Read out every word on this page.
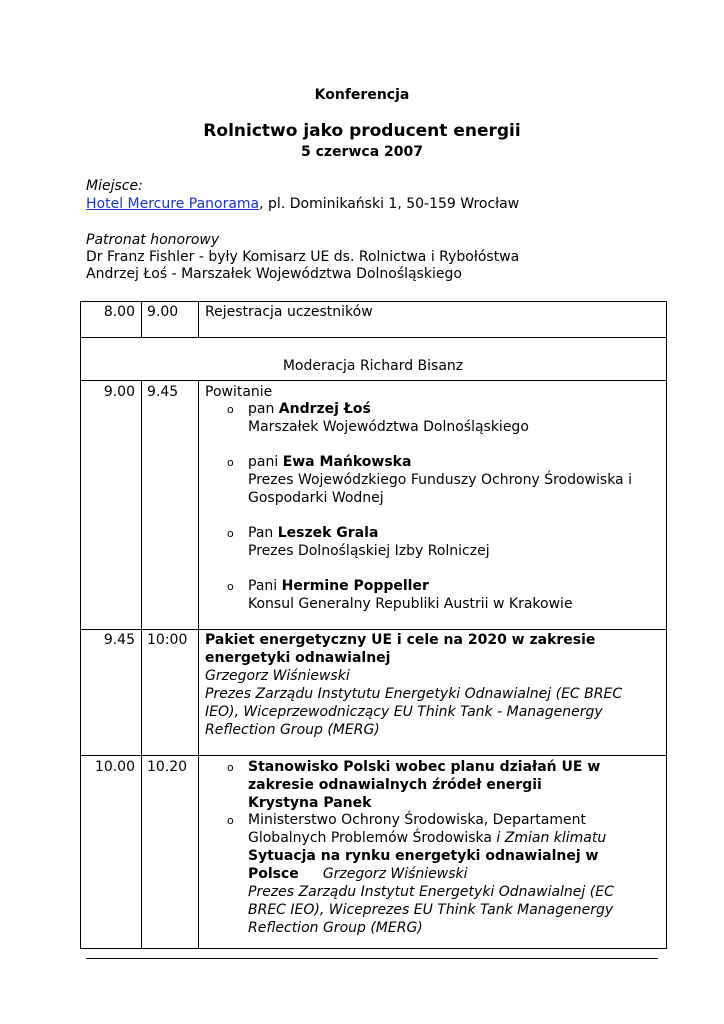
Konferencja
Rolnictwo jako producent energii
5 czerwca 2007
Miejsce:
Hotel Mercure Panorama, pl. Dominikański 1, 50-159 Wrocław
Patronat honorowy
Dr Franz Fishler - były Komisarz UE ds. Rolnictwa i Rybołóstwa
Andrzej Łoś - Marszałek Województwa Dolnośląskiego
8.00 9.00 Rejestracja uczestników
Moderacja Richard Bisanz
9.00 9.45 Powitanie
o pan Andrzej Łoś
Marszałek Województwa Dolnośląskiego
o pani Ewa Mańkowska
Prezes Wojewódzkiego Funduszy Ochrony Środowiska i
Gospodarki Wodnej
o Pan Leszek Grala
Prezes Dolnośląskiej Izby Rolniczej
o Pani Hermine Poppeller
Konsul Generalny Republiki Austrii w Krakowie
9.45 10:00 Pakiet energetyczny UE i cele na 2020 w zakresie
energetyki odnawialnej
Grzegorz Wiśniewski
Prezes Zarządu Instytutu Energetyki Odnawialnej (EC BREC
IEO), Wiceprzewodniczący EU Think Tank - Managenergy
Reflection Group (MERG)
10.00 10.20	o Stanowisko Polski wobec planu działań UE w
zakresie odnawialnych źródeł energii
Krystyna Panek
o Ministerstwo Ochrony Środowiska, Departament
Globalnych Problemów Środowiska i Zmian klimatu
Sytuacja na rynku energetyki odnawialnej w
Polsce Grzegorz Wiśniewski
Prezes Zarządu Instytut Energetyki Odnawialnej (EC
BREC IEO), Wiceprezes EU Think Tank Managenergy
Reflection Group (MERG)
